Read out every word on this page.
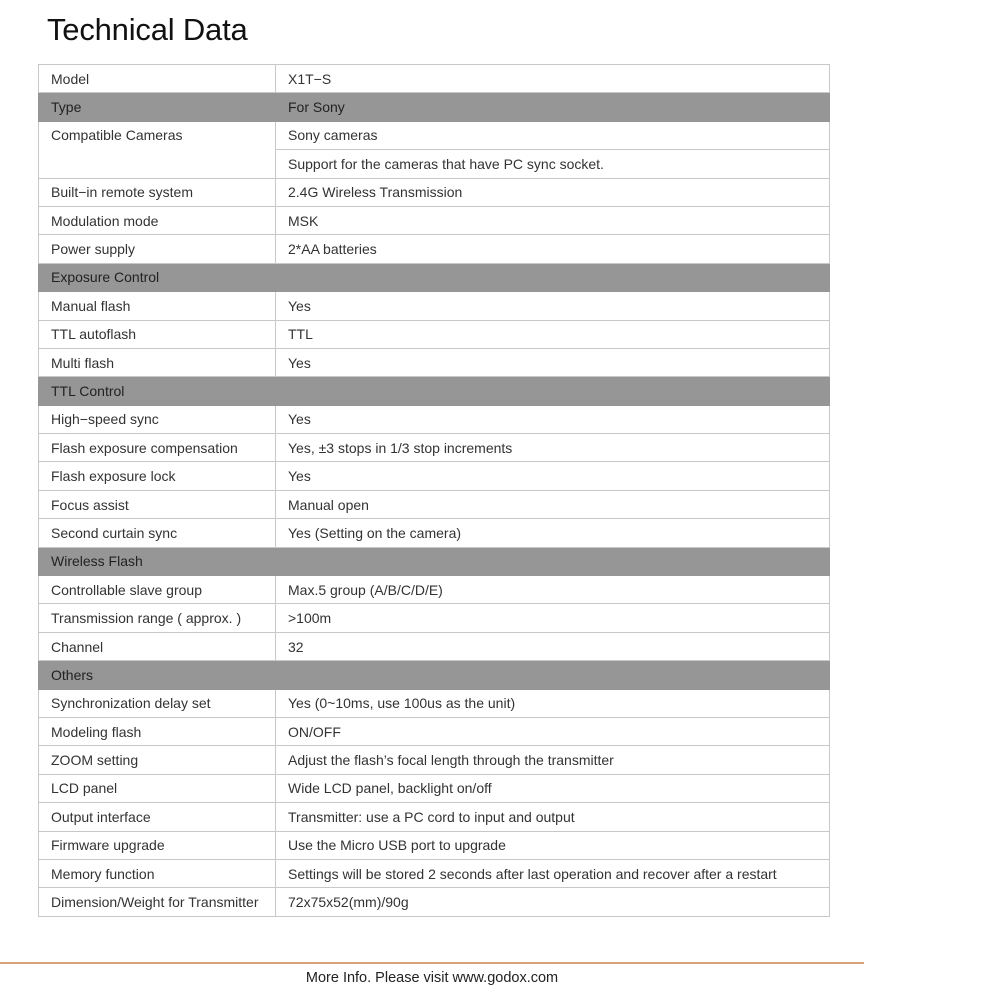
Technical Data
Model	X1T−S
Type	For Sony
Compatible Cameras	Sony cameras
	Support for the cameras that have PC sync socket.
Built−in remote system	2.4G Wireless Transmission
Modulation mode	MSK
Power supply	2*AA batteries
Exposure Control	
Manual flash	Yes
TTL autoflash	TTL
Multi flash	Yes
TTL Control	
High−speed sync	Yes
Flash exposure compensation	Yes, ±3 stops in 1/3 stop increments
Flash exposure lock	Yes
Focus assist	Manual open
Second curtain sync	Yes (Setting on the camera)
Wireless Flash	
Controllable slave group	Max.5 group (A/B/C/D/E)
Transmission range ( approx. )	>100m
Channel	32
Others	
Synchronization delay set	Yes (0~10ms, use 100us as the unit)
Modeling flash	ON/OFF
ZOOM setting	Adjust the flash’s focal length through the transmitter
LCD panel	Wide LCD panel, backlight on/off
Output interface	Transmitter: use a PC cord to input and output
Firmware upgrade	Use the Micro USB port to upgrade
Memory function	Settings will be stored 2 seconds after last operation and recover after a restart
Dimension/Weight for Transmitter	72x75x52(mm)/90g
More Info. Please visit www.godox.com
